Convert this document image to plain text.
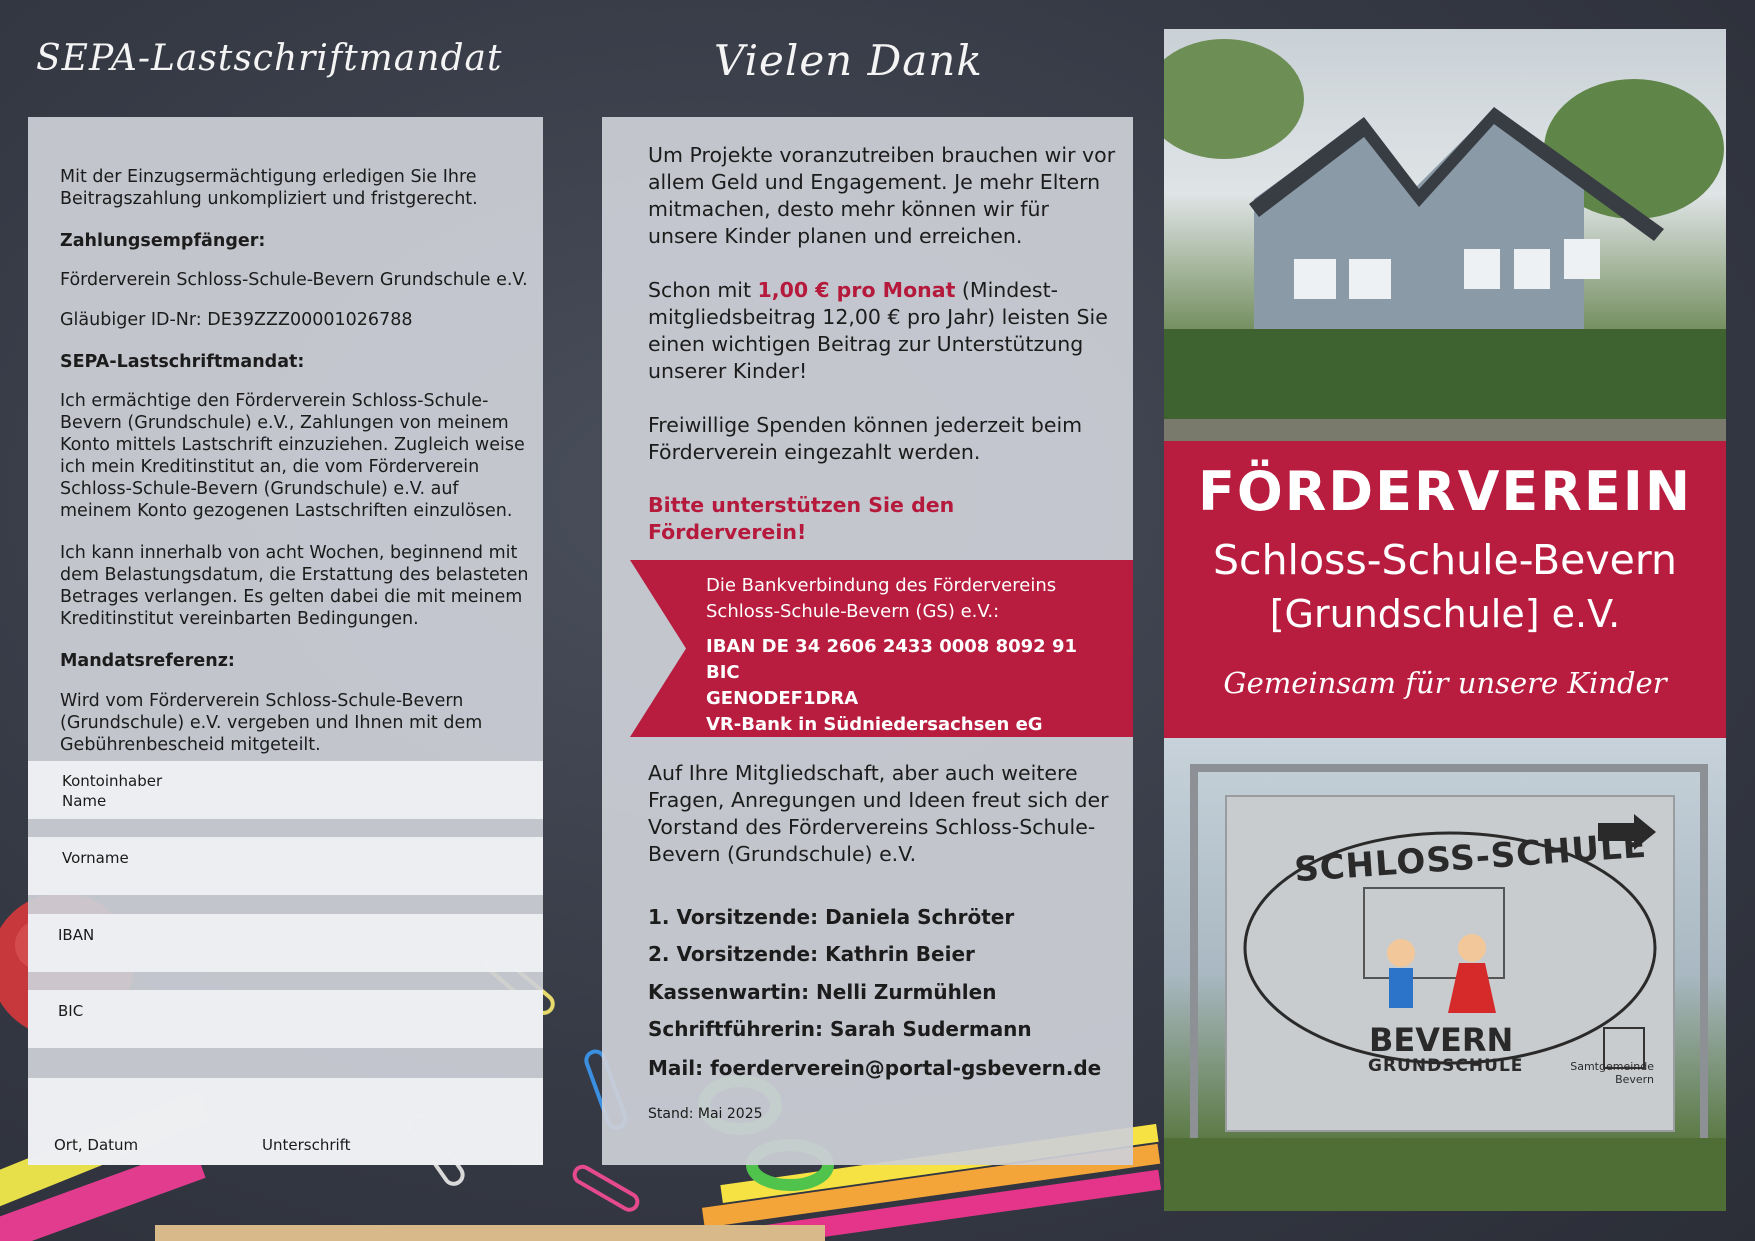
SEPA-Lastschriftmandat

Mit der Einzugsermächtigung erledigen Sie Ihre Beitragszahlung unkompliziert und fristgerecht.

Zahlungsempfänger:

Förderverein Schloss-Schule-Bevern Grundschule e.V.

Gläubiger ID-Nr: DE39ZZZ00001026788

SEPA-Lastschriftmandat:

Ich ermächtige den Förderverein Schloss-Schule-Bevern (Grundschule) e.V., Zahlungen von meinem Konto mittels Lastschrift einzuziehen. Zugleich weise ich mein Kreditinstitut an, die vom Förderverein Schloss-Schule-Bevern (Grundschule) e.V. auf meinem Konto gezogenen Lastschriften einzulösen.

Ich kann innerhalb von acht Wochen, beginnend mit dem Belastungsdatum, die Erstattung des belasteten Betrages verlangen. Es gelten dabei die mit meinem Kreditinstitut vereinbarten Bedingungen.

Mandatsreferenz:

Wird vom Förderverein Schloss-Schule-Bevern (Grundschule) e.V. vergeben und Ihnen mit dem Gebührenbescheid mitgeteilt.

Kontoinhaber
Name
Vorname
IBAN
BIC
Ort, Datum	Unterschrift
Vielen Dank

Um Projekte voranzutreiben brauchen wir vor allem Geld und Engagement. Je mehr Eltern mitmachen, desto mehr können wir für unsere Kinder planen und erreichen.

Schon mit 1,00 € pro Monat (Mindest-mitgliedsbeitrag 12,00 € pro Jahr) leisten Sie einen wichtigen Beitrag zur Unterstützung unserer Kinder!

Freiwillige Spenden können jederzeit beim Förderverein eingezahlt werden.

Bitte unterstützen Sie den Förderverein!

Die Bankverbindung des Fördervereins
Schloss-Schule-Bevern (GS) e.V.:
IBAN DE 34 2606 2433 0008 8092 91 BIC
GENODEF1DRA
VR-Bank in Südniedersachsen eG

Auf Ihre Mitgliedschaft, aber auch weitere Fragen, Anregungen und Ideen freut sich der Vorstand des Fördervereins Schloss-Schule-Bevern (Grundschule) e.V.

1. Vorsitzende: Daniela Schröter
2. Vorsitzende: Kathrin Beier
Kassenwartin: Nelli Zurmühlen
Schriftführerin: Sarah Sudermann
Mail: foerderverein@portal-gsbevern.de
Stand: Mai 2025
FÖRDERVEREIN
Schloss-Schule-Bevern
[Grundschule] e.V.
Gemeinsam für unsere Kinder
SCHLOSS-SCHULE
BEVERN
GRUNDSCHULE	Samtgemeinde
Bevern
